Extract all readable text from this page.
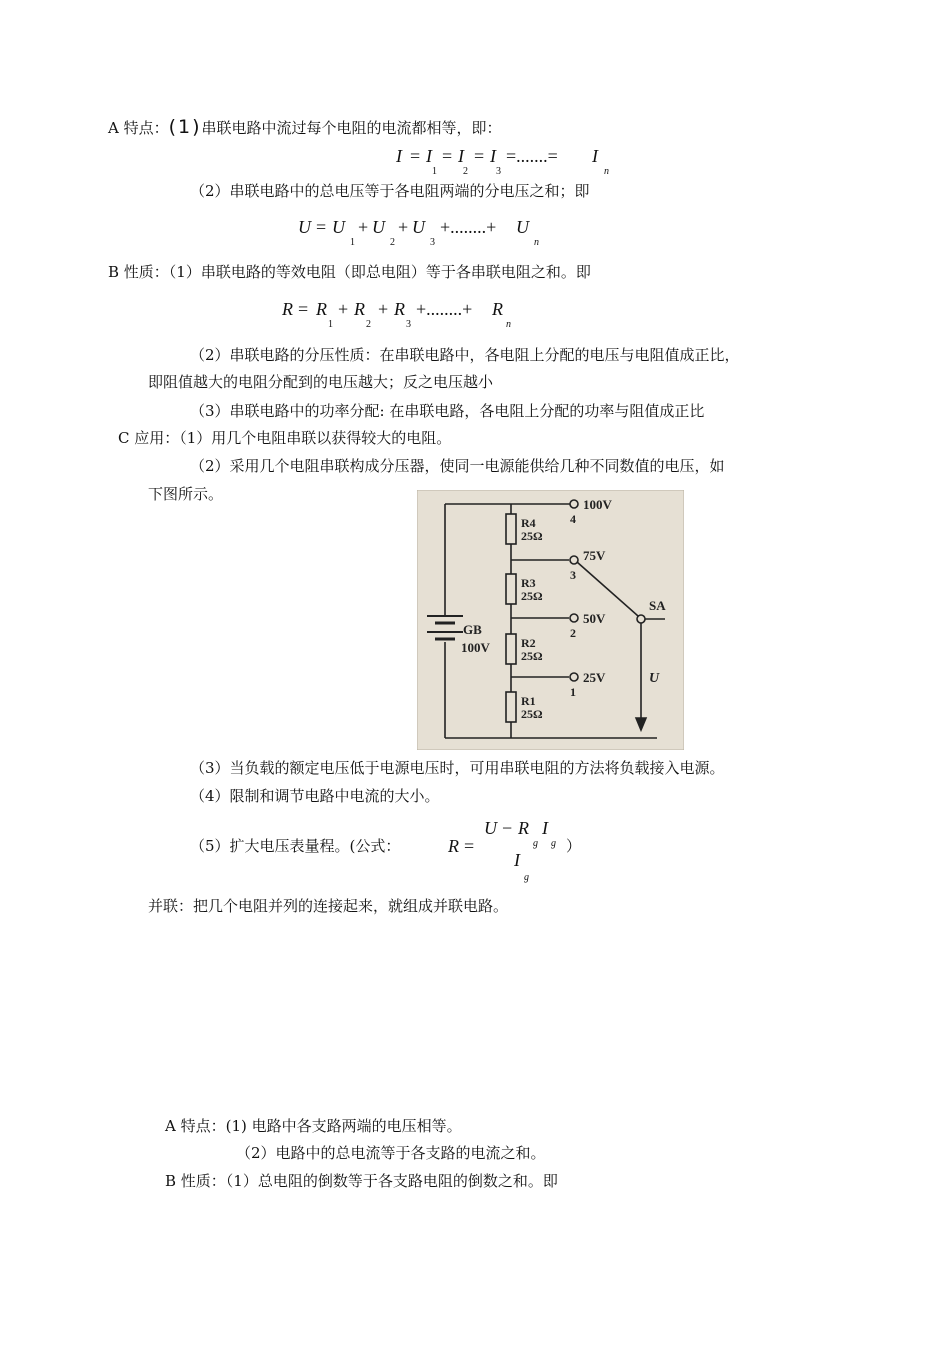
A 特点：(1)串联电路中流过每个电阻的电流都相等，即：
I = I
1
= I
2
= I
3
=.......= I
n
（2）串联电路中的总电压等于各电阻两端的分电压之和；即
U = U
1
+ U
2
+ U
3
+........+ U
n
B 性质：（1）串联电路的等效电阻（即总电阻）等于各串联电阻之和。即
R = R
1
+ R
2
+ R
3
+........+ R
n
（2）串联电路的分压性质：在串联电路中，各电阻上分配的电压与电阻值成正比，
即阻值越大的电阻分配到的电压越大；反之电压越小
（3）串联电路中的功率分配: 在串联电路，各电阻上分配的功率与阻值成正比
C 应用：（1）用几个电阻串联以获得较大的电阻。
（2）采用几个电阻串联构成分压器，使同一电源能供给几种不同数值的电压，如
下图所示。
GB
100V
R4
25Ω
R3
25Ω
R2
25Ω
R1
25Ω
100V
4
75V
3
50V
2
25V
1
SA
U
（3）当负载的额定电压低于电源电压时，可用串联电阻的方法将负载接入电源。
（4）限制和调节电路中电流的大小。
（5）扩大电压表量程。(公式：	R =
U − R I
g g
I
g
）
并联：把几个电阻并列的连接起来，就组成并联电路。
A 特点：(1) 电路中各支路两端的电压相等。
（2）电路中的总电流等于各支路的电流之和。
B 性质：（1）总电阻的倒数等于各支路电阻的倒数之和。即
